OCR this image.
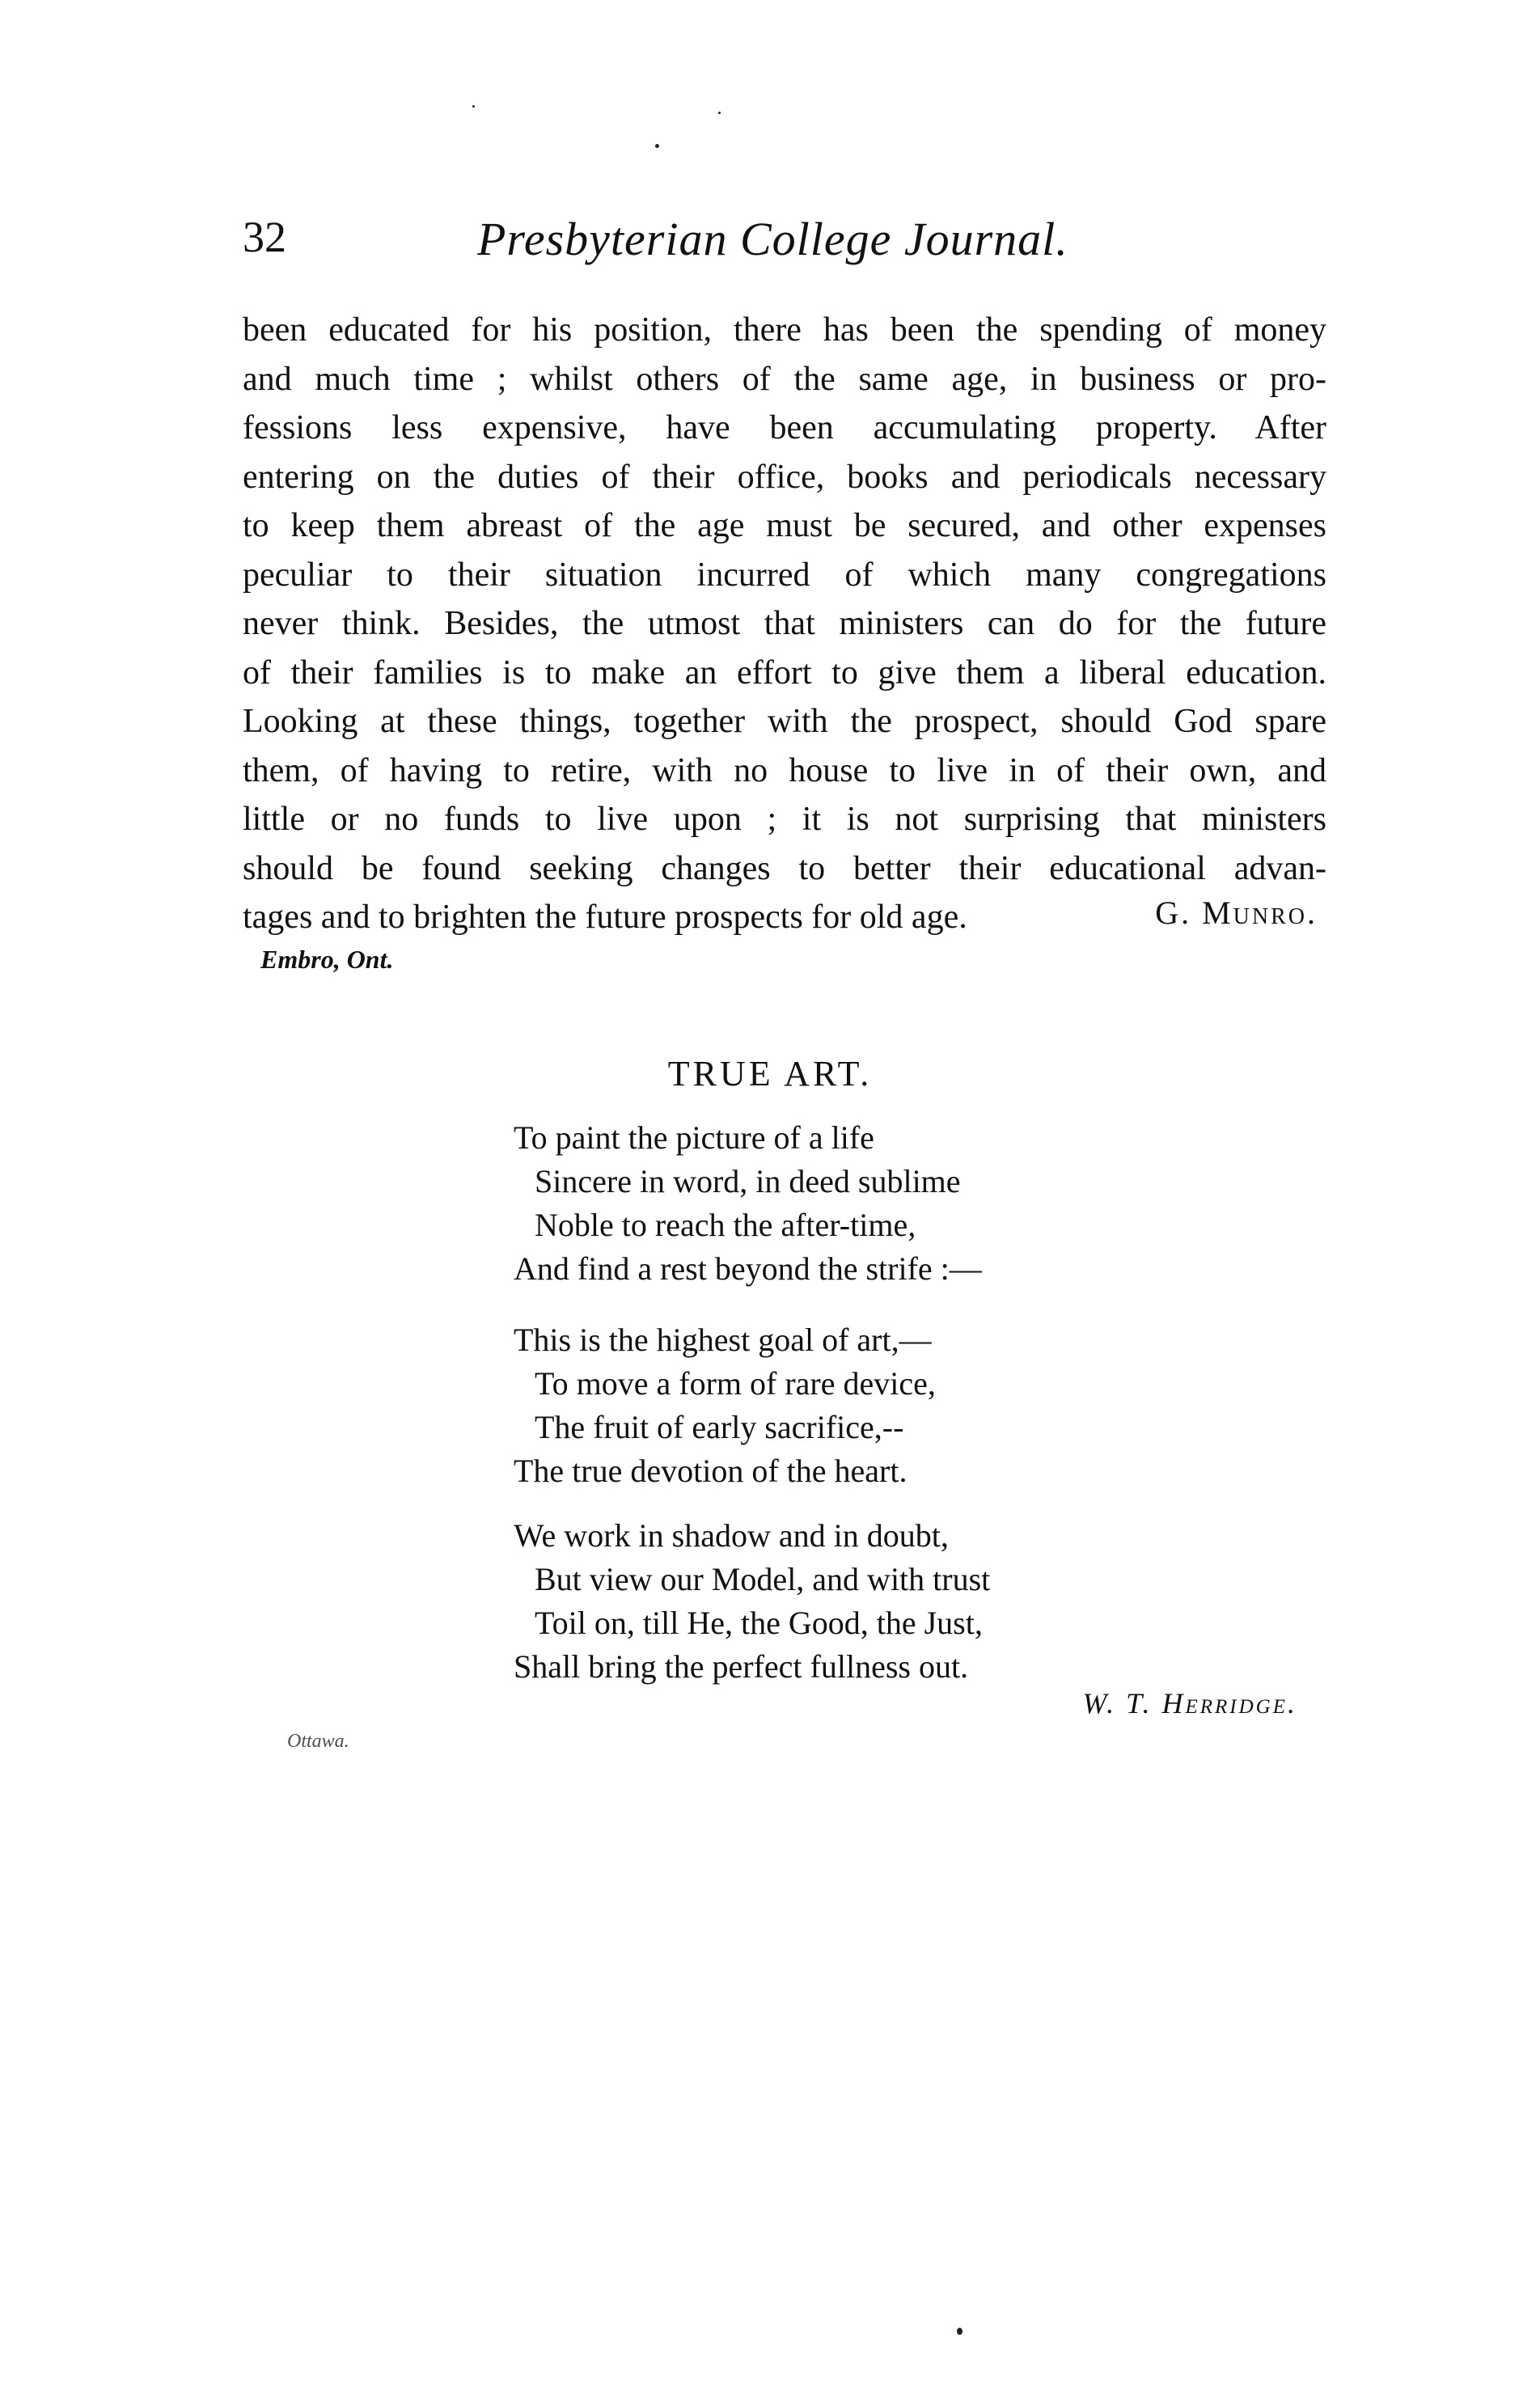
32	Presbyterian College Journal.
been educated for his position, there has been the spending of money
and much time ; whilst others of the same age, in business or pro-
fessions less expensive, have been accumulating property. After
entering on the duties of their office, books and periodicals necessary
to keep them abreast of the age must be secured, and other expenses
peculiar to their situation incurred of which many congregations
never think. Besides, the utmost that ministers can do for the future
of their families is to make an effort to give them a liberal education.
Looking at these things, together with the prospect, should God spare
them, of having to retire, with no house to live in of their own, and
little or no funds to live upon ; it is not surprising that ministers
should be found seeking changes to better their educational advan-
tages and to brighten the future prospects for old age.	G. Munro.
Embro, Ont.
TRUE ART.
To paint the picture of a life
Sincere in word, in deed sublime
Noble to reach the after-time,
And find a rest beyond the strife :—
This is the highest goal of art,—
To move a form of rare device,
The fruit of early sacrifice,--
The true devotion of the heart.
We work in shadow and in doubt,
But view our Model, and with trust
Toil on, till He, the Good, the Just,
Shall bring the perfect fullness out.
W. T. Herridge.
Ottawa.
